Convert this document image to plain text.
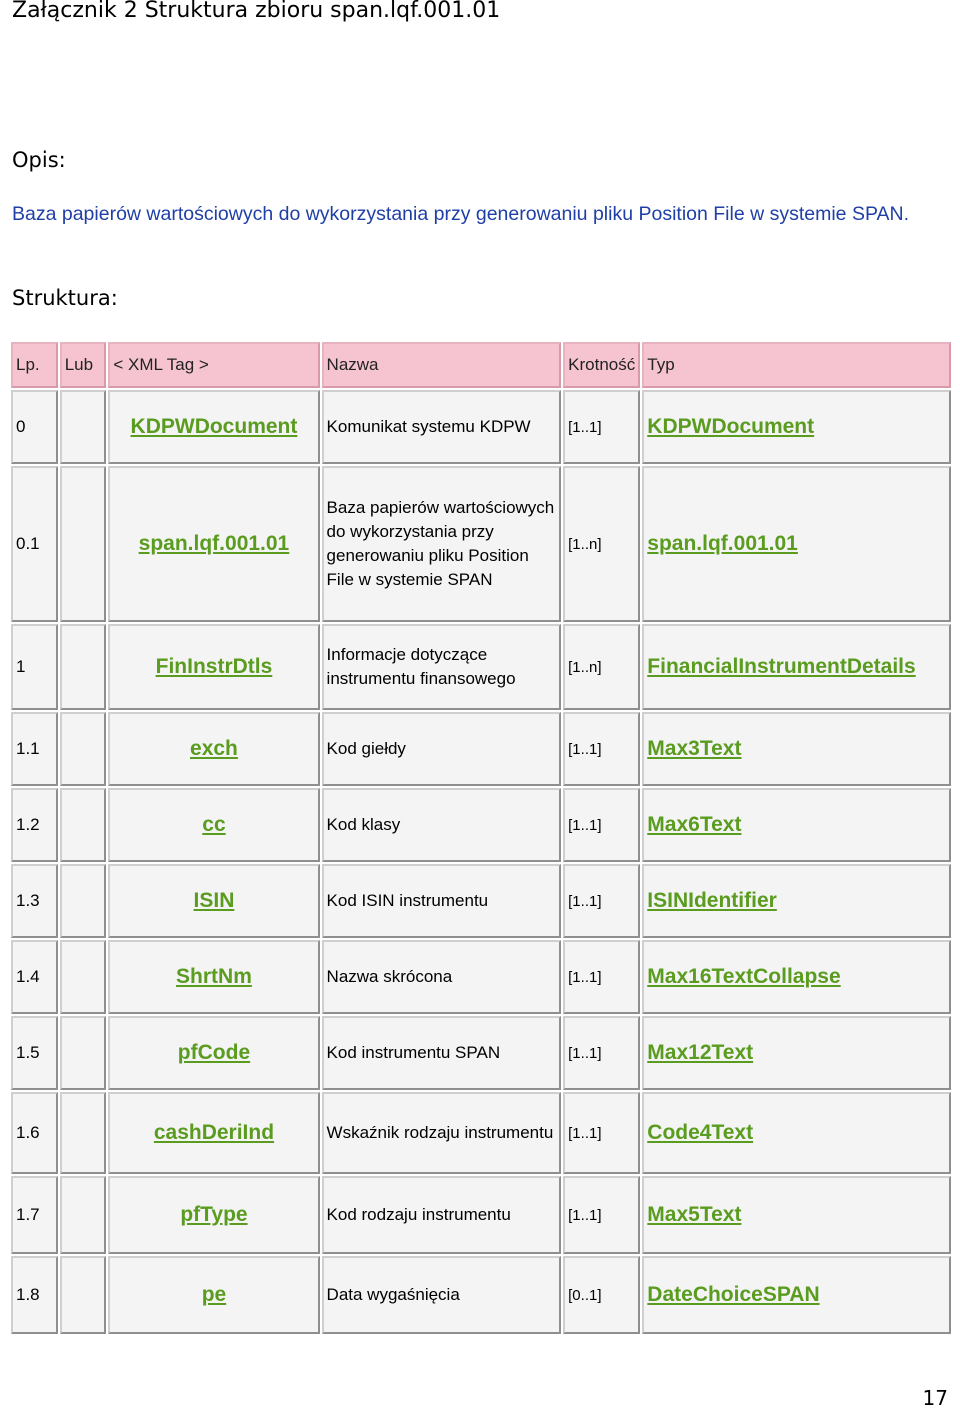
Załącznik 2 Struktura zbioru span.lqf.001.01
Opis:

Baza papierów wartościowych do wykorzystania przy generowaniu pliku Position File w systemie SPAN.

Struktura:
Lp.	Lub	< XML Tag >	Nazwa	Krotność	Typ
0		KDPWDocument	Komunikat systemu KDPW	[1..1]	KDPWDocument
0.1		span.lqf.001.01	Baza papierów wartościowych do wykorzystania przy generowaniu pliku Position File w systemie SPAN	[1..n]	span.lqf.001.01
1		FinInstrDtls	Informacje dotyczące instrumentu finansowego	[1..n]	FinancialInstrumentDetails
1.1		exch	Kod giełdy	[1..1]	Max3Text
1.2		cc	Kod klasy	[1..1]	Max6Text
1.3		ISIN	Kod ISIN instrumentu	[1..1]	ISINIdentifier
1.4		ShrtNm	Nazwa skrócona	[1..1]	Max16TextCollapse
1.5		pfCode	Kod instrumentu SPAN	[1..1]	Max12Text
1.6		cashDeriInd	Wskaźnik rodzaju instrumentu	[1..1]	Code4Text
1.7		pfType	Kod rodzaju instrumentu	[1..1]	Max5Text
1.8		pe	Data wygaśnięcia	[0..1]	DateChoiceSPAN
17
